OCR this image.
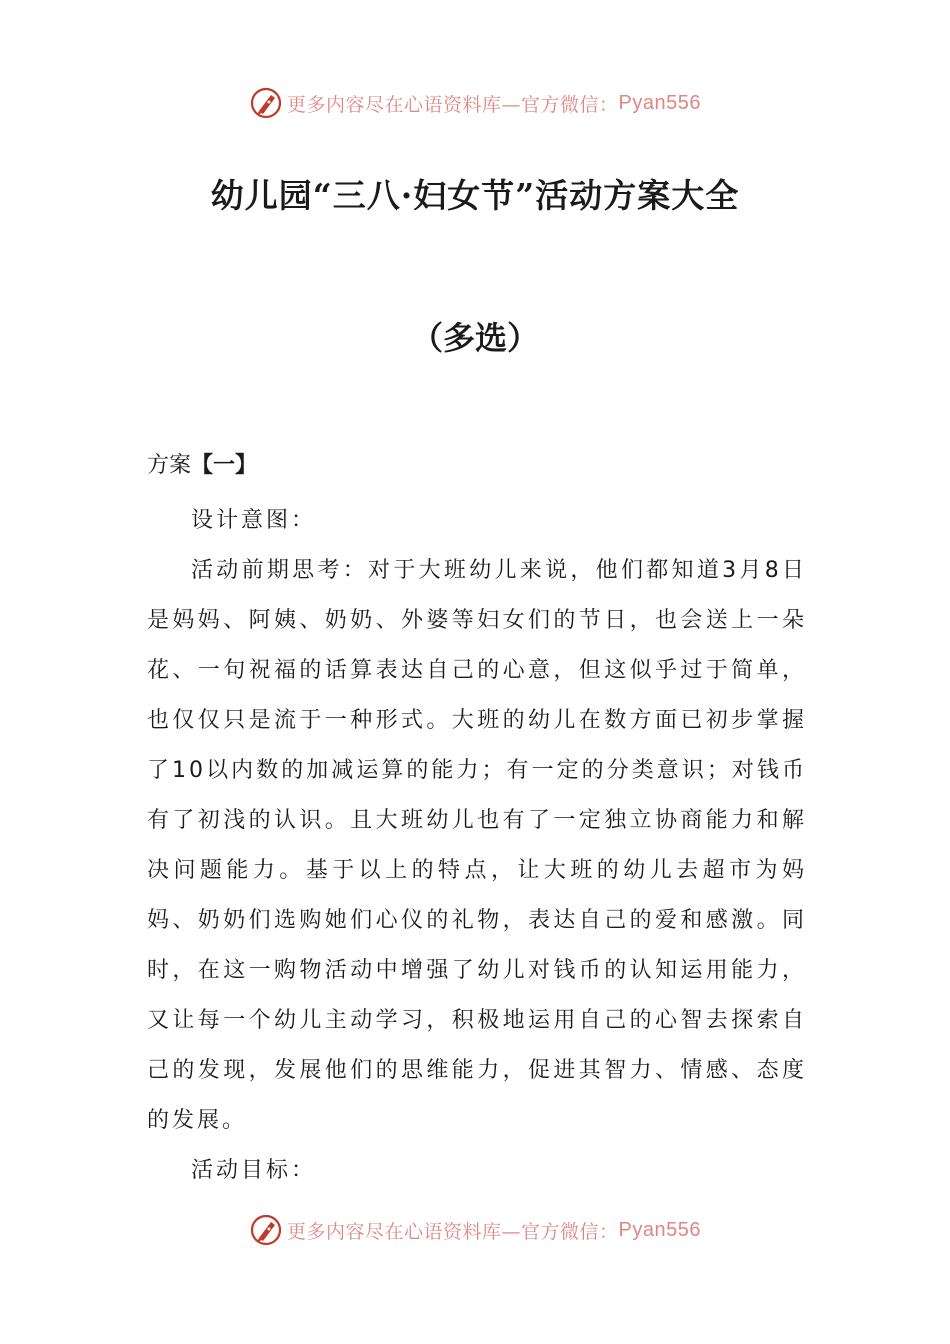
更多内容尽在心语资料库—官方微信： Pyan556
幼儿园“三八·妇女节”活动方案大全
（多选）
方案【一】

设计意图：

活动前期思考：对于大班幼儿来说，他们都知道3月8日是妈妈、阿姨、奶奶、外婆等妇女们的节日，也会送上一朵花、一句祝福的话算表达自己的心意，但这似乎过于简单，也仅仅只是流于一种形式。大班的幼儿在数方面已初步掌握了10以内数的加减运算的能力；有一定的分类意识；对钱币有了初浅的认识。且大班幼儿也有了一定独立协商能力和解决问题能力。基于以上的特点，让大班的幼儿去超市为妈妈、奶奶们选购她们心仪的礼物，表达自己的爱和感激。同时，在这一购物活动中增强了幼儿对钱币的认知运用能力，又让每一个幼儿主动学习，积极地运用自己的心智去探索自己的发现，发展他们的思维能力，促进其智力、情感、态度的发展。

活动目标：

更多内容尽在心语资料库—官方微信： Pyan556
